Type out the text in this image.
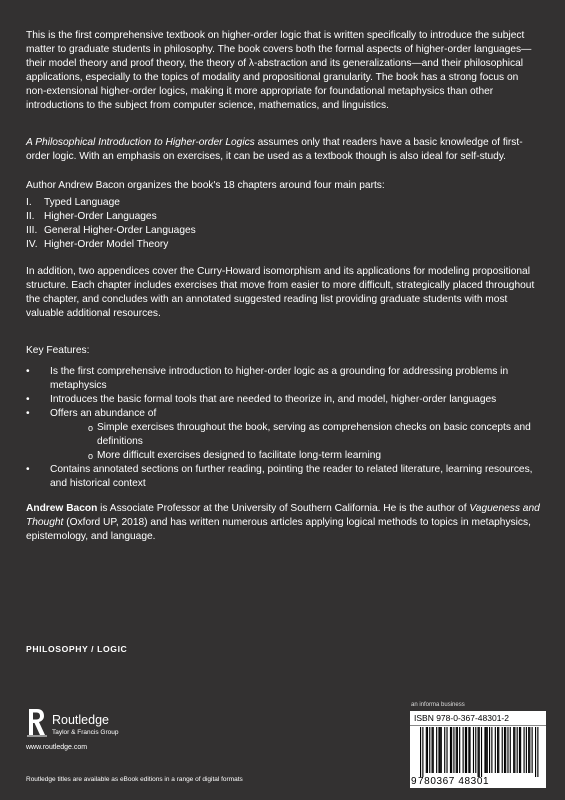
This is the first comprehensive textbook on higher-order logic that is written specifically to introduce the subject matter to graduate students in philosophy. The book covers both the formal aspects of higher-order languages—their model theory and proof theory, the theory of λ-abstraction and its generalizations—and their philosophical applications, especially to the topics of modality and propositional granularity. The book has a strong focus on non-extensional higher-order logics, making it more appropriate for foundational metaphysics than other introductions to the subject from computer science, mathematics, and linguistics.

A Philosophical Introduction to Higher-order Logics assumes only that readers have a basic knowledge of first-order logic. With an emphasis on exercises, it can be used as a textbook though is also ideal for self-study.

Author Andrew Bacon organizes the book's 18 chapters around four main parts:

I.	Typed Language
II. Higher-Order Languages
III. General Higher-Order Languages
IV. Higher-Order Model Theory

In addition, two appendices cover the Curry-Howard isomorphism and its applications for modeling propositional structure. Each chapter includes exercises that move from easier to more difficult, strategically placed throughout the chapter, and concludes with an annotated suggested reading list providing graduate students with most valuable additional resources.

Key Features:

• Is the first comprehensive introduction to higher-order logic as a grounding for addressing problems in metaphysics
• Introduces the basic formal tools that are needed to theorize in, and model, higher-order languages
• Offers an abundance of
o Simple exercises throughout the book, serving as comprehension checks on basic concepts and definitions
o More difficult exercises designed to facilitate long-term learning
• Contains annotated sections on further reading, pointing the reader to related literature, learning resources, and historical context

Andrew Bacon is Associate Professor at the University of Southern California. He is the author of Vagueness and Thought (Oxford UP, 2018) and has written numerous articles applying logical methods to topics in metaphysics, epistemology, and language.

PHILOSOPHY / LOGIC
Routledge
Taylor & Francis Group
www.routledge.com
Routledge titles are available as eBook editions in a range of digital formats
an informa business
ISBN 978-0-367-48301-2
9 780367 48301
